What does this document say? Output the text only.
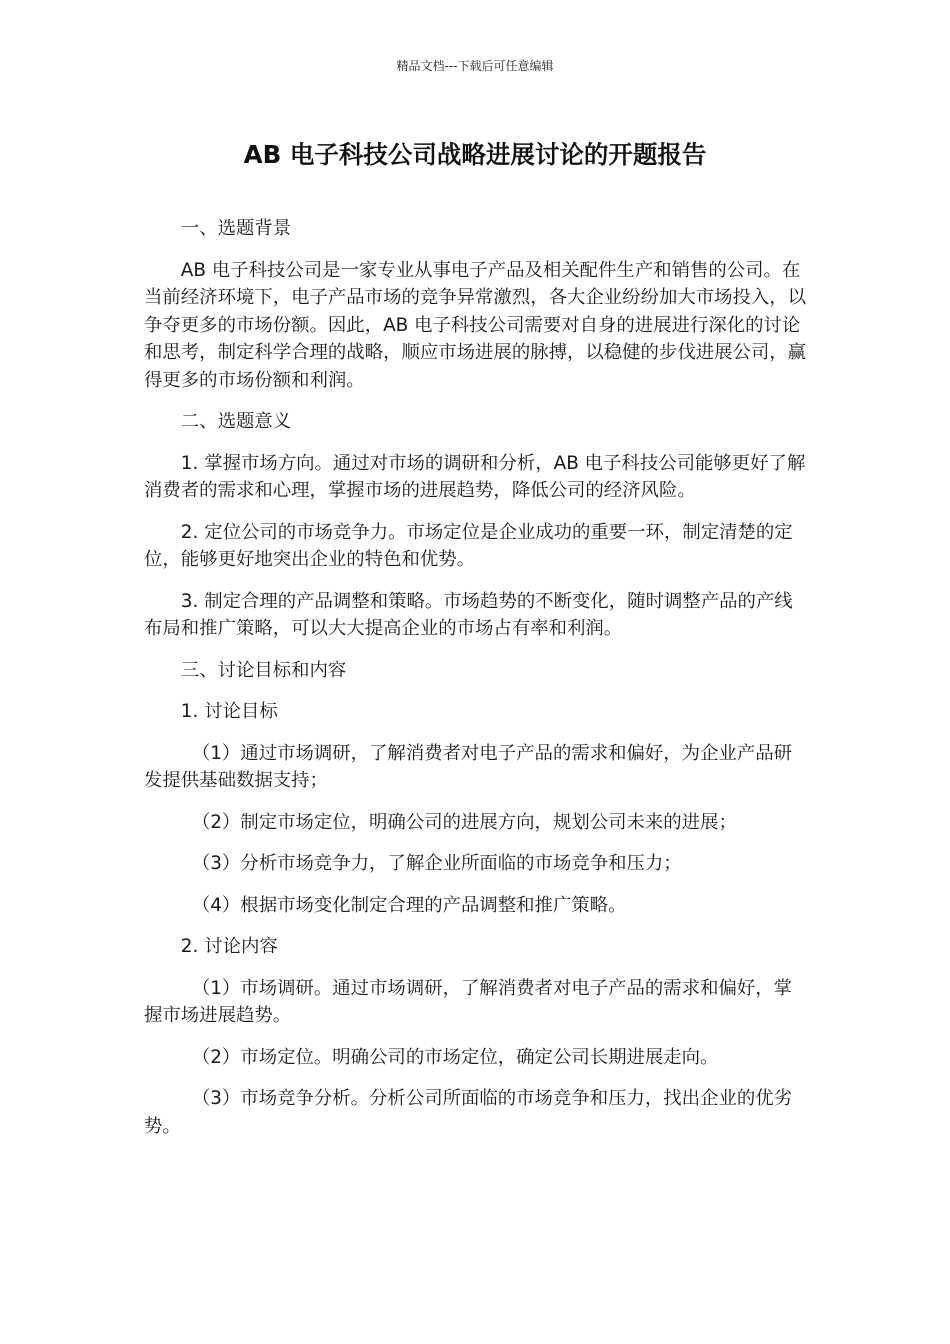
精品文档---下载后可任意编辑
AB 电子科技公司战略进展讨论的开题报告

一、选题背景

AB 电子科技公司是一家专业从事电子产品及相关配件生产和销售的公司。在当前经济环境下，电子产品市场的竞争异常激烈，各大企业纷纷加大市场投入，以争夺更多的市场份额。因此，AB 电子科技公司需要对自身的进展进行深化的讨论和思考，制定科学合理的战略，顺应市场进展的脉搏，以稳健的步伐进展公司，赢得更多的市场份额和利润。

二、选题意义

1. 掌握市场方向。通过对市场的调研和分析，AB 电子科技公司能够更好了解消费者的需求和心理，掌握市场的进展趋势，降低公司的经济风险。

2. 定位公司的市场竞争力。市场定位是企业成功的重要一环，制定清楚的定位，能够更好地突出企业的特色和优势。

3. 制定合理的产品调整和策略。市场趋势的不断变化，随时调整产品的产线布局和推广策略，可以大大提高企业的市场占有率和利润。

三、讨论目标和内容

1. 讨论目标

（1）通过市场调研，了解消费者对电子产品的需求和偏好，为企业产品研发提供基础数据支持；

（2）制定市场定位，明确公司的进展方向，规划公司未来的进展；

（3）分析市场竞争力，了解企业所面临的市场竞争和压力；

（4）根据市场变化制定合理的产品调整和推广策略。

2. 讨论内容

（1）市场调研。通过市场调研，了解消费者对电子产品的需求和偏好，掌握市场进展趋势。

（2）市场定位。明确公司的市场定位，确定公司长期进展走向。

（3）市场竞争分析。分析公司所面临的市场竞争和压力，找出企业的优劣势。
